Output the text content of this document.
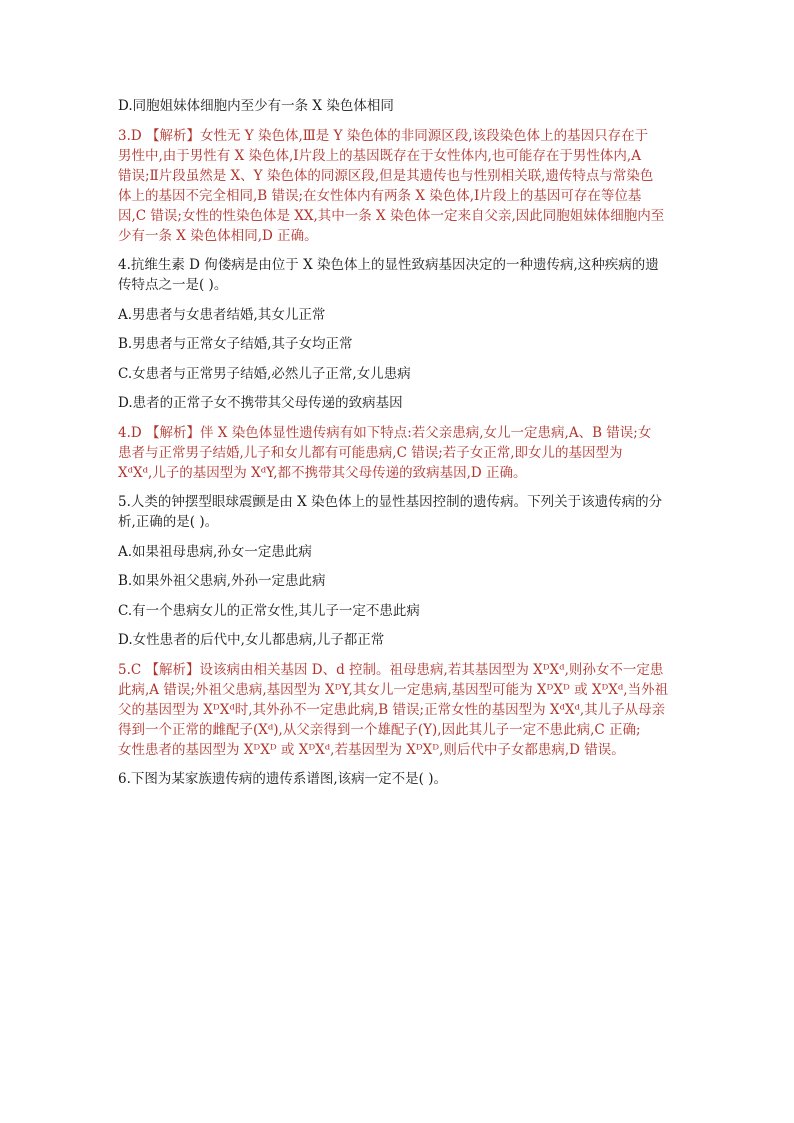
D.同胞姐妹体细胞内至少有一条 X 染色体相同

3.D 【解析】女性无 Y 染色体,Ⅲ是 Y 染色体的非同源区段,该段染色体上的基因只存在于

男性中,由于男性有 X 染色体,Ⅰ片段上的基因既存在于女性体内,也可能存在于男性体内,A

错误;Ⅱ片段虽然是 X、Y 染色体的同源区段,但是其遗传也与性别相关联,遗传特点与常染色

体上的基因不完全相同,B 错误;在女性体内有两条 X 染色体,Ⅰ片段上的基因可存在等位基

因,C 错误;女性的性染色体是 XX,其中一条 X 染色体一定来自父亲,因此同胞姐妹体细胞内至

少有一条 X 染色体相同,D 正确。

4.抗维生素 D 佝偻病是由位于 X 染色体上的显性致病基因决定的一种遗传病,这种疾病的遗

传特点之一是( )。

A.男患者与女患者结婚,其女儿正常

B.男患者与正常女子结婚,其子女均正常

C.女患者与正常男子结婚,必然儿子正常,女儿患病

D.患者的正常子女不携带其父母传递的致病基因

4.D 【解析】伴 X 染色体显性遗传病有如下特点:若父亲患病,女儿一定患病,A、B 错误;女

患者与正常男子结婚,儿子和女儿都有可能患病,C 错误;若子女正常,即女儿的基因型为

XᵈXᵈ,儿子的基因型为 XᵈY,都不携带其父母传递的致病基因,D 正确。

5.人类的钟摆型眼球震颤是由 X 染色体上的显性基因控制的遗传病。下列关于该遗传病的分

析,正确的是( )。

A.如果祖母患病,孙女一定患此病

B.如果外祖父患病,外孙一定患此病

C.有一个患病女儿的正常女性,其儿子一定不患此病

D.女性患者的后代中,女儿都患病,儿子都正常

5.C 【解析】设该病由相关基因 D、d 控制。祖母患病,若其基因型为 XᴰXᵈ,则孙女不一定患

此病,A 错误;外祖父患病,基因型为 XᴰY,其女儿一定患病,基因型可能为 XᴰXᴰ 或 XᴰXᵈ,当外祖

父的基因型为 XᴰXᵈ时,其外孙不一定患此病,B 错误;正常女性的基因型为 XᵈXᵈ,其儿子从母亲

得到一个正常的雌配子(Xᵈ),从父亲得到一个雄配子(Y),因此其儿子一定不患此病,C 正确;

女性患者的基因型为 XᴰXᴰ 或 XᴰXᵈ,若基因型为 XᴰXᴰ,则后代中子女都患病,D 错误。

6.下图为某家族遗传病的遗传系谱图,该病一定不是( )。
